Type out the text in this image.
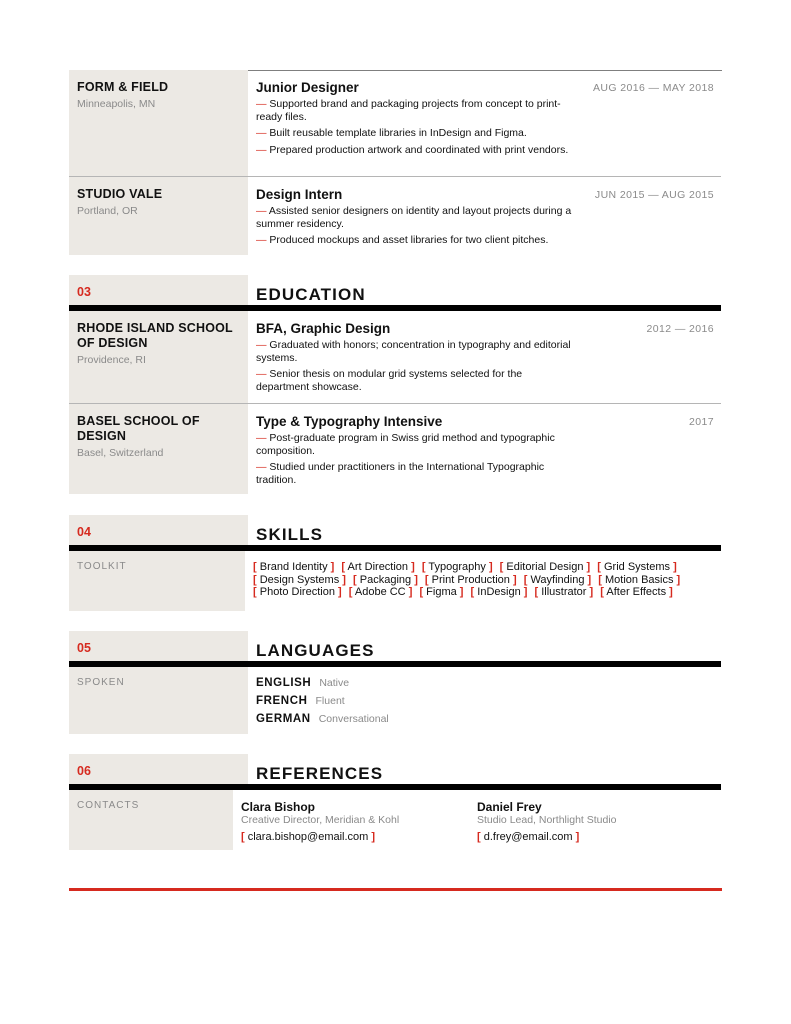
FORM & FIELD
Minneapolis, MN
Junior Designer	AUG 2016 — MAY 2018
— Supported brand and packaging projects from concept to print-ready files.
— Built reusable template libraries in InDesign and Figma.
— Prepared production artwork and coordinated with print vendors.
STUDIO VALE
Portland, OR
Design Intern	JUN 2015 — AUG 2015
— Assisted senior designers on identity and layout projects during a summer residency.
— Produced mockups and asset libraries for two client pitches.
03	EDUCATION
RHODE ISLAND SCHOOL
OF DESIGN
Providence, RI
BFA, Graphic Design	2012 — 2016
— Graduated with honors; concentration in typography and editorial systems.
— Senior thesis on modular grid systems selected for the department showcase.
BASEL SCHOOL OF
DESIGN
Basel, Switzerland
Type & Typography Intensive	2017
— Post-graduate program in Swiss grid method and typographic composition.
— Studied under practitioners in the International Typographic tradition.
04	SKILLS
TOOLKIT	[ Brand Identity ] [ Art Direction ] [ Typography ] [ Editorial Design ] [ Grid Systems ] [ Design Systems ] [ Packaging ] [ Print Production ] [ Wayfinding ] [ Motion Basics ] [ Photo Direction ] [ Adobe CC ] [ Figma ] [ InDesign ] [ Illustrator ] [ After Effects ]
05	LANGUAGES
SPOKEN	ENGLISH Native
FRENCH Fluent
GERMAN Conversational
06	REFERENCES
CONTACTS	Clara Bishop
Creative Director, Meridian & Kohl
[ clara.bishop@email.com ]
Daniel Frey
Studio Lead, Northlight Studio
[ d.frey@email.com ]
